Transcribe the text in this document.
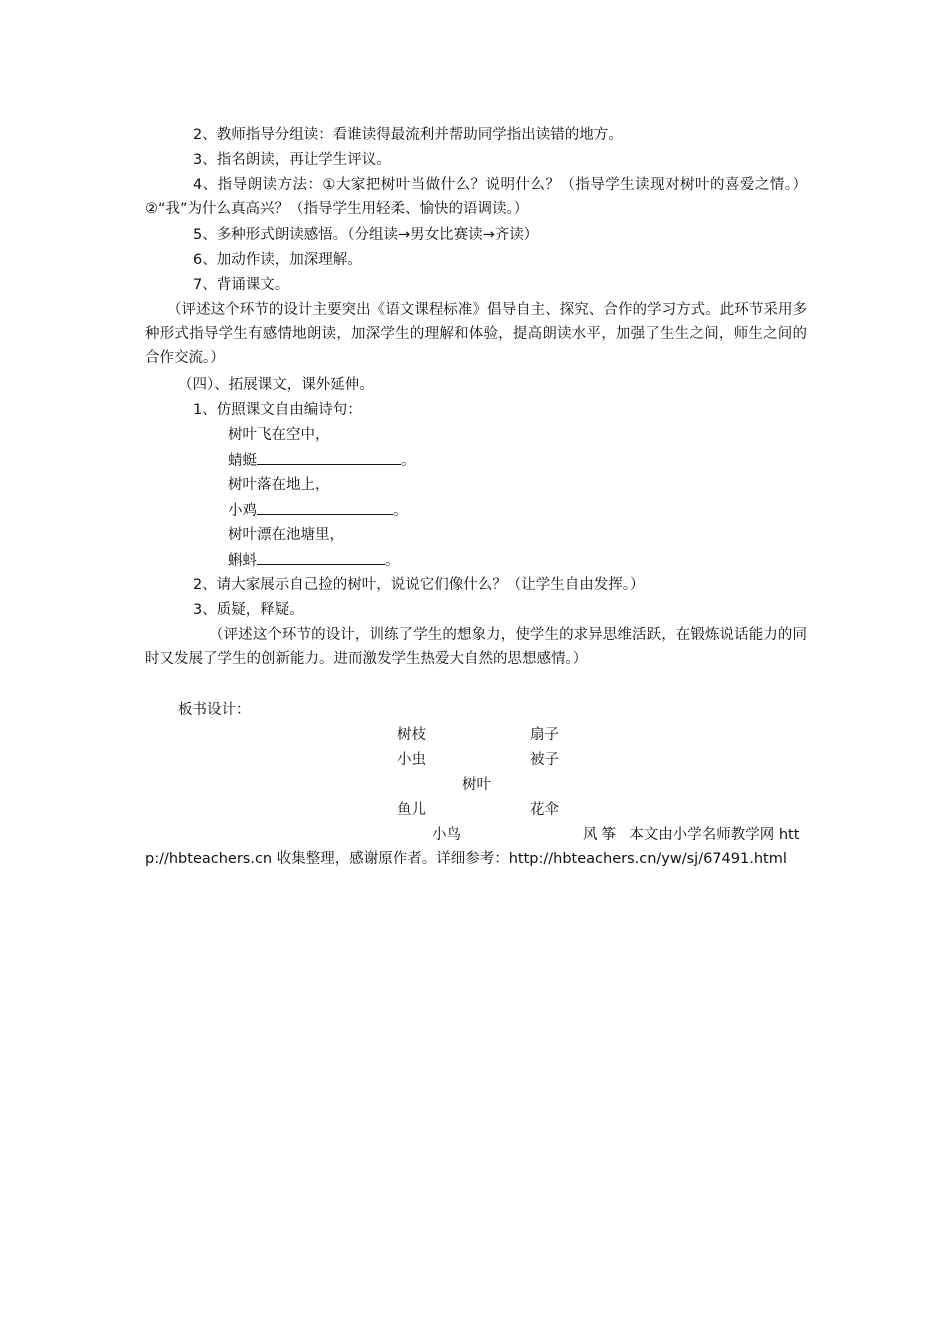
2、教师指导分组读：看谁读得最流利并帮助同学指出读错的地方。
3、指名朗读，再让学生评议。
4、指导朗读方法：①大家把树叶当做什么？说明什么？（指导学生读现对树叶的喜爱之情。）②“我”为什么真高兴？（指导学生用轻柔、愉快的语调读。）
5、多种形式朗读感悟。（分组读→男女比赛读→齐读）
6、加动作读，加深理解。
7、背诵课文。
（评述这个环节的设计主要突出《语文课程标准》倡导自主、探究、合作的学习方式。此环节采用多种形式指导学生有感情地朗读，加深学生的理解和体验，提高朗读水平，加强了生生之间，师生之间的合作交流。）
（四）、拓展课文，课外延伸。
1、仿照课文自由编诗句：
树叶飞在空中，
蜻蜓	。
树叶落在地上，
小鸡	。
树叶漂在池塘里，
蝌蚪	。
2、请大家展示自己捡的树叶，说说它们像什么？（让学生自由发挥。）
3、质疑，释疑。
（评述这个环节的设计，训练了学生的想象力，使学生的求异思维活跃，在锻炼说话能力的同时又发展了学生的创新能力。进而激发学生热爱大自然的思想感情。）
板书设计：
树枝	扇子
小虫	被子
树叶
鱼儿	花伞
小鸟	风筝 本文由小学名师教学网 http://hbteachers.cn 收集整理，感谢原作者。详细参考：http://hbteachers.cn/yw/sj/67491.html
